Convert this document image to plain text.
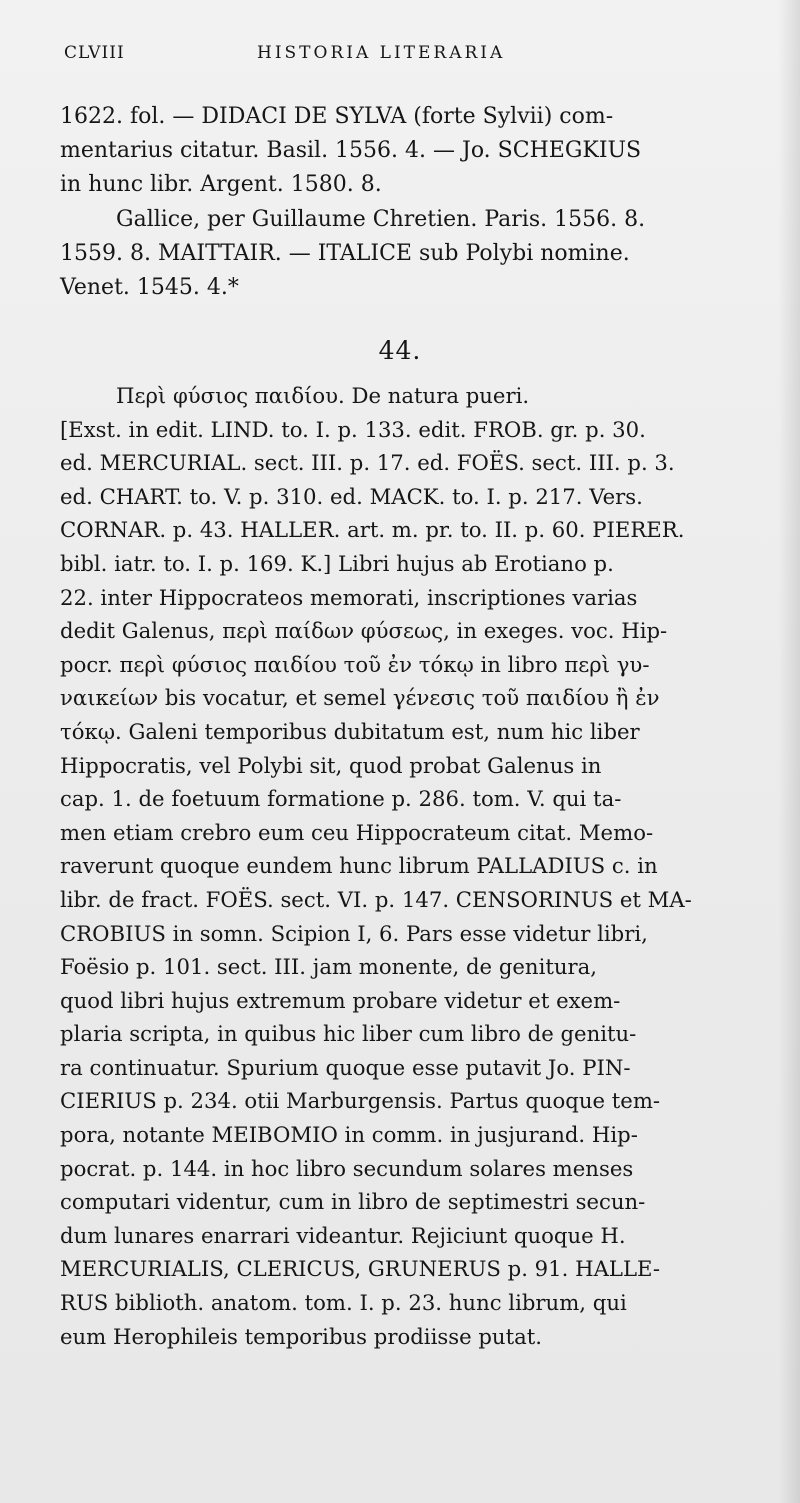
CLVIII	HISTORIA LITERARIA
1622. fol. — DIDACI DE SYLVA (forte Sylvii) com-
mentarius citatur. Basil. 1556. 4. — Jo. SCHEGKIUS
in hunc libr. Argent. 1580. 8.
Gallice, per Guillaume Chretien. Paris. 1556. 8.
1559. 8. MAITTAIR. — ITALICE sub Polybi nomine.
Venet. 1545. 4.*
44.
Περὶ φύσιος παιδίου. De natura pueri.
[Exst. in edit. LIND. to. I. p. 133. edit. FROB. gr. p. 30.
ed. MERCURIAL. sect. III. p. 17. ed. FOËS. sect. III. p. 3.
ed. CHART. to. V. p. 310. ed. MACK. to. I. p. 217. Vers.
CORNAR. p. 43. HALLER. art. m. pr. to. II. p. 60. PIERER.
bibl. iatr. to. I. p. 169. K.] Libri hujus ab Erotiano p.
22. inter Hippocrateos memorati, inscriptiones varias
dedit Galenus, περὶ παίδων φύσεως, in exeges. voc. Hip-
pocr. περὶ φύσιος παιδίου τοῦ ἐν τόκῳ in libro περὶ γυ-
ναικείων bis vocatur, et semel γένεσις τοῦ παιδίου ἢ ἐν
τόκῳ. Galeni temporibus dubitatum est, num hic liber
Hippocratis, vel Polybi sit, quod probat Galenus in
cap. 1. de foetuum formatione p. 286. tom. V. qui ta-
men etiam crebro eum ceu Hippocrateum citat. Memo-
raverunt quoque eundem hunc librum PALLADIUS c. in
libr. de fract. FOËS. sect. VI. p. 147. CENSORINUS et MA-
CROBIUS in somn. Scipion I, 6. Pars esse videtur libri,
Foësio p. 101. sect. III. jam monente, de genitura,
quod libri hujus extremum probare videtur et exem-
plaria scripta, in quibus hic liber cum libro de genitu-
ra continuatur. Spurium quoque esse putavit Jo. PIN-
CIERIUS p. 234. otii Marburgensis. Partus quoque tem-
pora, notante MEIBOMIO in comm. in jusjurand. Hip-
pocrat. p. 144. in hoc libro secundum solares menses
computari videntur, cum in libro de septimestri secun-
dum lunares enarrari videantur. Rejiciunt quoque H.
MERCURIALIS, CLERICUS, GRUNERUS p. 91. HALLE-
RUS biblioth. anatom. tom. I. p. 23. hunc librum, qui
eum Herophileis temporibus prodiisse putat.
